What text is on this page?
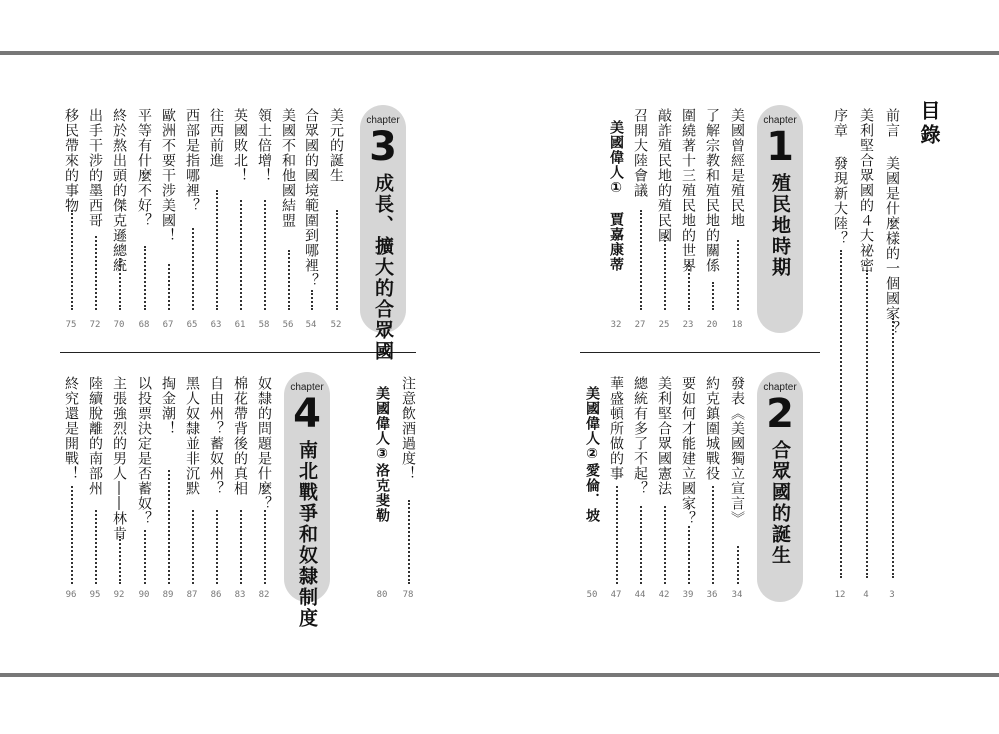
目錄
前言
美國是什麼樣的一個國家？
3
美利堅合眾國的４大祕密
4
序章
發現新大陸？
12
chapter
1
殖民地時期
美國曾經是殖民地
18
了解宗教和殖民地的關係
20
圍繞著十三殖民地的世界
23
敲詐殖民地的殖民國
25
召開大陸會議
27
美國偉人①　賈嘉康蒂
32
chapter
2
合眾國的誕生
發表《美國獨立宣言》
34
約克鎮圍城戰役
36
要如何才能建立國家？
39
美利堅合眾國憲法
42
總統有多了不起？
44
華盛頓所做的事
47
美國偉人②愛倫．坡
50
chapter
3
成長、擴大的合眾國
美元的誕生
52
合眾國的國境範圍到哪裡？
54
美國不和他國結盟
56
領土倍增！
58
英國敗北！
61
往西前進
63
西部是指哪裡？
65
歐洲不要干涉美國！
67
平等有什麼不好？
68
終於熬出頭的傑克遜總統
70
出手干涉的墨西哥
72
移民帶來的事物
75
注意飲酒過度！
78
美國偉人③洛克斐勒
80
chapter
4
南北戰爭和奴隸制度
奴隸的問題是什麼？
82
棉花帶背後的真相
83
自由州？蓄奴州？
86
黑人奴隸並非沉默
87
掏金潮！
89
以投票決定是否蓄奴？
90
主張強烈的男人――林肯
92
陸續脫離的南部州
95
終究還是開戰！
96
